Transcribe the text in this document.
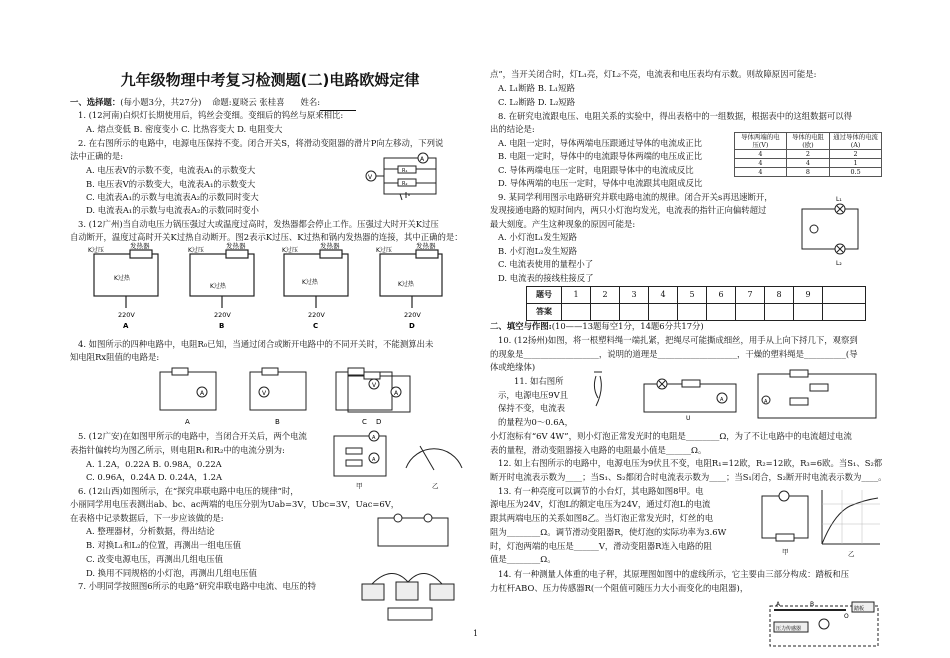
九年级物理中考复习检测题(二)电路欧姆定律
一、选择题：(每小题3分，共27分) 命题:夏晓云 张桂喜 姓名:
1. (12河南)白炽灯长期使用后，钨丝会变细。变细后的钨丝与原来相比:
A. 熔点变低 B. 密度变小 C. 比热容变大 D. 电阻变大
2. 在右图所示的电路中，电源电压保持不变。闭合开关S，将滑动变阻器的滑片P向左移动，下列说
法中正确的是:
A. 电压表V的示数不变，电流表A₁的示数变大
B. 电压表V的示数变大，电流表A₁的示数变大
C. 电流表A₁的示数与电流表A₂的示数同时变大
D. 电流表A₁的示数与电流表A₂的示数同时变小
A
V
R₁
R₂
3. (12广州)当自动电压力锅压强过大或温度过高时，发热器都会停止工作。压强过大时开关K过压
自动断开，温度过高时开关K过热自动断开。图2表示K过压、K过热和锅内发热器的连接，其中正确的是：
K过压
发热器
K过热
K过压
发热器
K过热
K过压
发热器
K过热
K过压
发热器
K过热
220V	220V	220V	220V
A	B	C	D
4. 如图所示的四种电路中，电阻R₀已知，当通过闭合或断开电路中的不同开关时，不能测算出未
知电阻Rx阻值的电路是:
A	V
V
A	B	C
A
D
5. (12广安)在如图甲所示的电路中，当闭合开关后，两个电流
表指针偏转均为图乙所示，则电阻R₁和R₂中的电流分别为:
A. 1.2A，0.22A B. 0.98A，0.22A
C. 0.96A，0.24A D. 0.24A，1.2A
A
A
甲	乙
6. (12山西)如图所示，在“探究串联电路中电压的规律”时，
小丽同学用电压表测出ab、bc、ac两端的电压分别为Uab=3V，Ubc=3V，Uac=6V，
在表格中记录数据后，下一步应该做的是:
A. 整理器材，分析数据，得出结论
B. 对换L₁和L₂的位置，再测出一组电压值
C. 改变电源电压，再测出几组电压值
D. 换用不同规格的小灯泡，再测出几组电压值
7. 小明同学按照图6所示的电路“研究串联电路中电流、电压的特
点”，当开关闭合时，灯L₁亮，灯L₂不亮，电流表和电压表均有示数。则故障原因可能是:
A. L₁断路 B. L₁短路
C. L₂断路 D. L₂短路
8. 在研究电流跟电压、电阻关系的实验中，得出表格中的一组数据，根据表中的这组数据可以得
出的结论是:
A. 电阻一定时，导体两端电压跟通过导体的电流成正比
B. 电阻一定时，导体中的电流跟导体两端的电压成正比
C. 导体两端电压一定时，电阻跟导体中的电流成反比
D. 导体两端的电压一定时，导体中电流跟其电阻成反比
导体两端的电压(V)	导体的电阻(欧)	通过导体的电流(A)
4	2	2
4	4	1
4	8	0.5
9. 某同学利用图示电路研究并联电路电流的规律。闭合开关s再迅速断开，
发现接通电路的短时间内，两只小灯泡均发光，电流表的指针正向偏转超过
最大刻度。产生这种现象的原因可能是:
A. 小灯泡L₁发生短路
B. 小灯泡L₂发生短路
C. 电流表使用的量程小了
D. 电流表的接线柱接反了
L₁
L₂
题号	1	2	3	4	5	6	7	8	9	
答案										
二、填空与作图:(10——13题每空1分，14题6分共17分)
10. (12扬州)如图，将一根塑料绳一端扎紧，把绳尽可能撕成细丝，用手从上向下捋几下，观察到
的现象是__________________，说明的道理是___________________，干燥的塑料绳是__________(导
体或绝缘体)
11. 如右图所
示，电源电压9V且
保持不变，电流表
的量程为0～0.6A，
小灯泡标有“6V 4W”，则小灯泡正常发光时的电阻是________Ω，为了不让电路中的电流超过电流
表的量程，滑动变阻器接入电路的电阻最小值是______Ω。
A
U
A
12. 如上右图所示的电路中，电源电压为9伏且不变，电阻R₁=12欧，R₂=12欧，R₃=6欧。当S₁、S₂都
断开时电流表示数为____；当S₁、S₂都闭合时电流表示数为____；当S₁闭合，S₂断开时电流表示数为____。
13. 有一种亮度可以调节的小台灯，其电路如图8甲。电
源电压为24V，灯泡L的额定电压为24V，通过灯泡L的电流
跟其两端电压的关系如图8乙。当灯泡正常发光时，灯丝的电
阻为________Ω。调节滑动变阻器R，使灯泡的实际功率为3.6W
时，灯泡两端的电压是______V，滑动变阻器R连入电路的阻
值是________Ω。
甲	乙
14. 有一种测量人体重的电子秤，其原理图如图中的虚线所示，它主要由三部分构成：踏板和压
力杠杆ABO、压力传感器R(一个阻值可随压力大小而变化的电阻器)，
A	B
O
压力传感器
踏板
1
